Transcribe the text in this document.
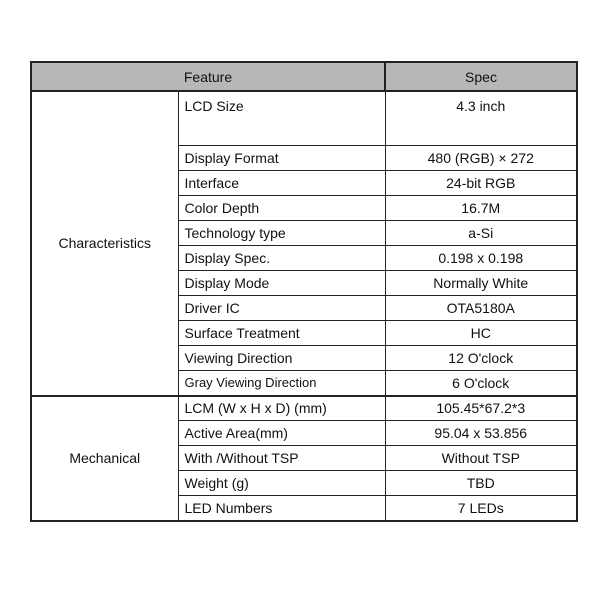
Feature		Spec
Characteristics	LCD Size	4.3 inch
	Display Format	480 (RGB) × 272
	Interface	24-bit RGB
	Color Depth	16.7M
	Technology type	a-Si
	Display Spec.	0.198 x 0.198
	Display Mode	Normally White
	Driver IC	OTA5180A
	Surface Treatment	HC
	Viewing Direction	12 O'clock
	Gray Viewing Direction	6 O'clock
Mechanical	LCM (W x H x D) (mm)	105.45*67.2*3
	Active Area(mm)	95.04 x 53.856
	With /Without TSP	Without TSP
	Weight (g)	TBD
	LED Numbers	7 LEDs
